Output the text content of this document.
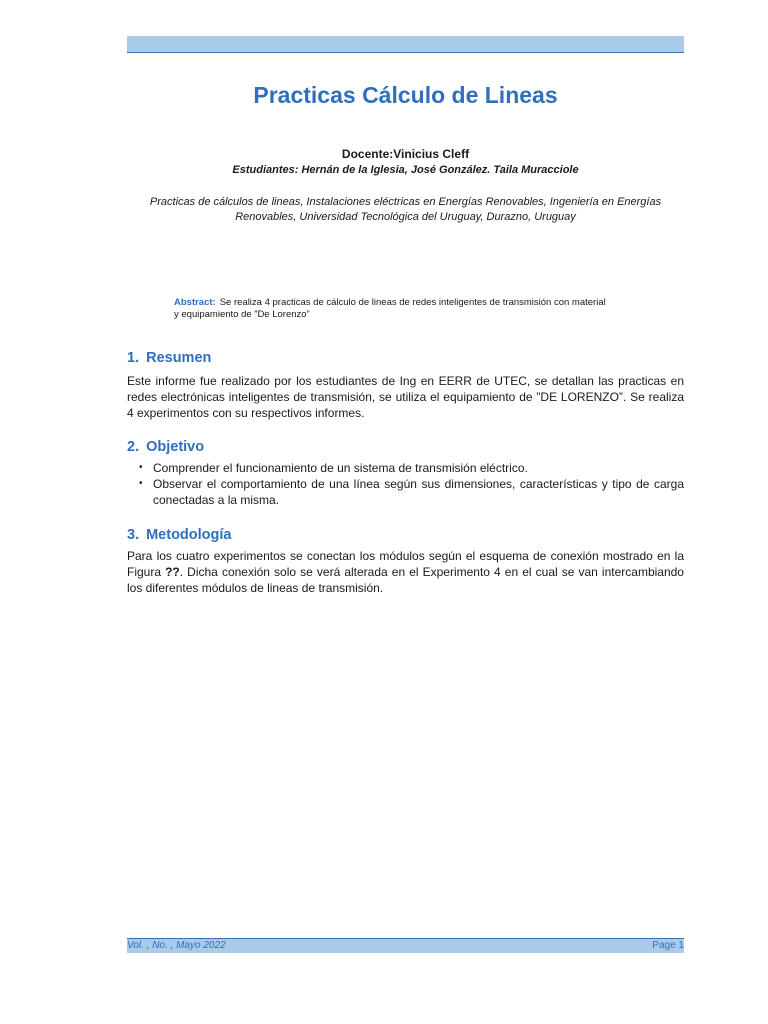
Practicas Cálculo de Lineas
Docente:Vinicius Cleff
Estudiantes: Hernán de la Iglesia, José González. Taila Muracciole
Practicas de cálculos de lineas, Instalaciones eléctricas en Energías Renovables, Ingeniería en Energías
Renovables, Universidad Tecnológica del Uruguay, Durazno, Uruguay
Abstract: Se realiza 4 practicas de cálculo de lineas de redes inteligentes de transmisión con material
y equipamiento de ”De Lorenzo”
1. Resumen
Este informe fue realizado por los estudiantes de Ing en EERR de UTEC, se detallan las practicas en redes electrónicas inteligentes de transmisión, se utiliza el equipamiento de ”DE LORENZO”. Se realiza 4 experimentos con su respectivos informes.
2. Objetivo
• Comprender el funcionamiento de un sistema de transmisión eléctrico.
• Observar el comportamiento de una línea según sus dimensiones, características y tipo de carga conectadas a la misma.
3. Metodología
Para los cuatro experimentos se conectan los módulos según el esquema de conexión mostrado en la Figura ??. Dicha conexión solo se verá alterada en el Experimento 4 en el cual se van intercambiando los diferentes módulos de lineas de transmisión.
Vol. , No. , Mayo 2022	Page 1
